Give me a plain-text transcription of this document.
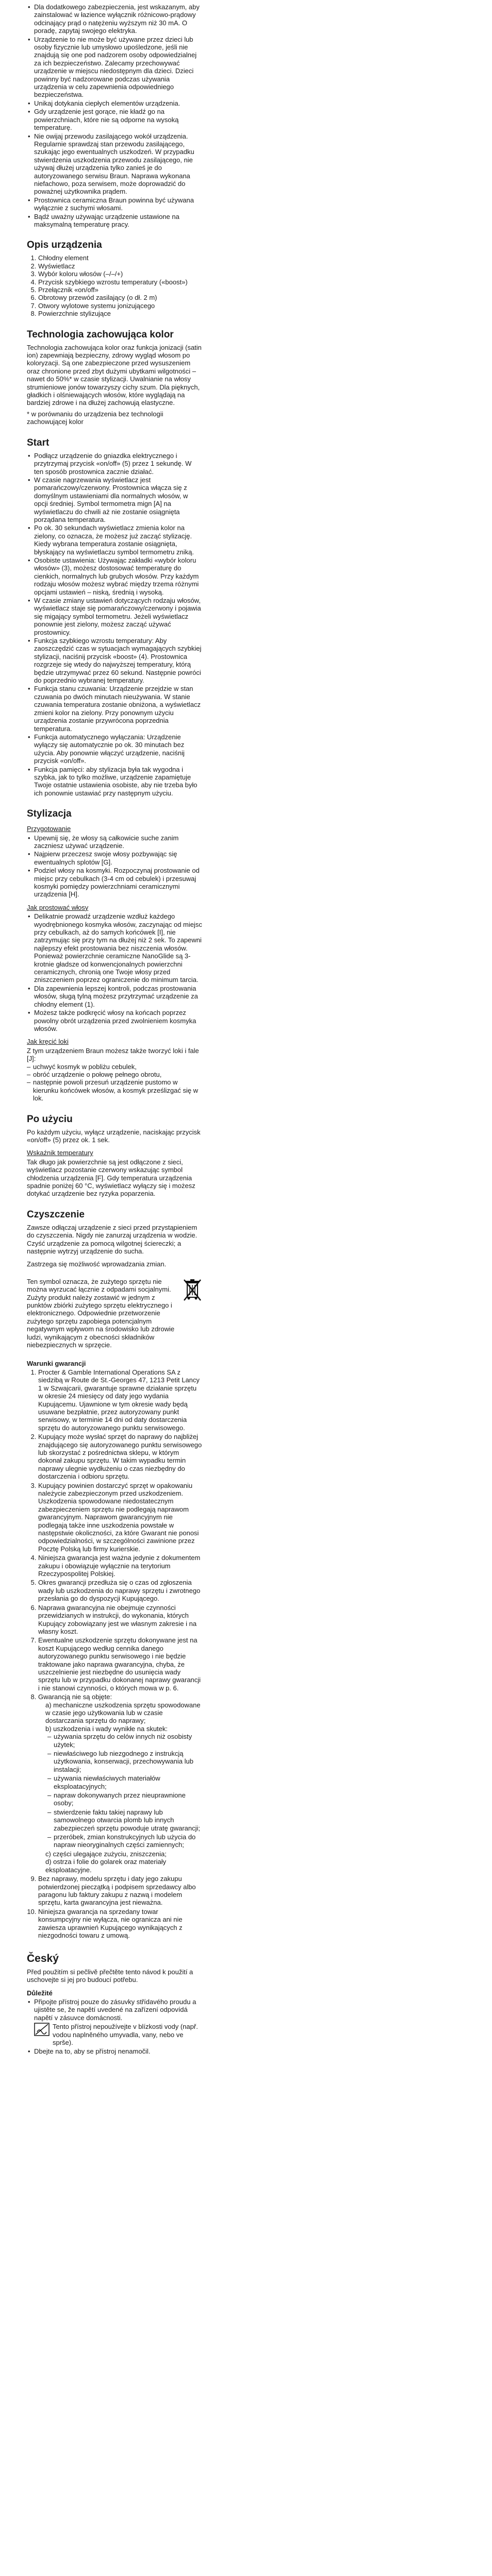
• Dla dodatkowego zabezpieczenia, jest wskazanym, aby zainstalować w łazience wyłącznik różnicowo-prądowy odcinający prąd o natężeniu wyższym niż 30 mA. O poradę, zapytaj swojego elektryka.
• Urządzenie to nie może być używane przez dzieci lub osoby fizycznie lub umysłowo upośledzone, jeśli nie znajdują się one pod nadzorem osoby odpowiedzialnej za ich bezpieczeństwo. Zalecamy przechowywać urządzenie w miejscu niedostępnym dla dzieci. Dzieci powinny być nadzorowane podczas używania urządzenia w celu zapewnienia odpowiedniego bezpieczeństwa.
• Unikaj dotykania ciepłych elementów urządzenia.
• Gdy urządzenie jest gorące, nie kładź go na powierzchniach, które nie są odporne na wysoką temperaturę.
• Nie owijaj przewodu zasilającego wokół urządzenia. Regularnie sprawdzaj stan przewodu zasilającego, szukając jego ewentualnych uszkodzeń. W przypadku stwierdzenia uszkodzenia przewodu zasilającego, nie używaj dłużej urządzenia tylko zanieś je do autoryzowanego serwisu Braun. Naprawa wykonana niefachowo, poza serwisem, może doprowadzić do poważnej użytkownika prądem.
• Prostownica ceramiczna Braun powinna być używana wyłącznie z suchymi włosami.
• Bądź uważny używając urządzenie ustawione na maksymalną temperaturę pracy.
Opis urządzenia
1. Chłodny element
2. Wyświetlacz
3. Wybór koloru włosów (–/–/+)
4. Przycisk szybkiego wzrostu temperatury («boost»)
5. Przełącznik «on/off»
6. Obrotowy przewód zasilający (o dł. 2 m)
7. Otwory wylotowe systemu jonizującego
8. Powierzchnie stylizujące
Technologia zachowująca kolor

Technologia zachowująca kolor oraz funkcja jonizacji (satin ion) zapewniają bezpieczny, zdrowy wygląd włosom po koloryzacji. Są one zabezpieczone przed wysuszeniem oraz chronione przed zbyt dużymi ubytkami wilgotności – nawet do 50%* w czasie stylizacji. Uwalnianie na włosy strumieniowe jonów towarzyszy cichy szum. Dla pięknych, gładkich i olśniewających włosów, które wyglądają na bardziej zdrowe i na dłużej zachowują elastyczne.

* w porównaniu do urządzenia bez technologii zachowującej kolor

Start
• Podłącz urządzenie do gniazdka elektrycznego i przytrzymaj przycisk «on/off» (5) przez 1 sekundę. W ten sposób prostownica zacznie działać.
• W czasie nagrzewania wyświetlacz jest pomarańczowy/czerwony. Prostownica włącza się z domyślnym ustawieniami dla normalnych włosów, w opcji średniej. Symbol termometra mign [A] na wyświetlaczu do chwili aż nie zostanie osiągnięta porządana temperatura.
• Po ok. 30 sekundach wyświetlacz zmienia kolor na zielony, co oznacza, że możesz już zacząć stylizację. Kiedy wybrana temperatura zostanie osiągnięta, błyskający na wyświetlaczu symbol termometru zniką.
• Osobiste ustawienia: Używając zakładki «wybór koloru włosów» (3), możesz dostosować temperaturę do cienkich, normalnych lub grubych włosów. Przy każdym rodzaju włosów możesz wybrać między trzema różnymi opcjami ustawień – niską, średnią i wysoką.
• W czasie zmiany ustawień dotyczących rodzaju włosów, wyświetlacz staje się pomarańczowy/czerwony i pojawia się migający symbol termometru. Jeżeli wyświetlacz ponownie jest zielony, możesz zacząć używać prostownicy.
• Funkcja szybkiego wzrostu temperatury: Aby zaoszczędzić czas w sytuacjach wymagających szybkiej stylizacji, naciśnij przycisk «boost» (4). Prostownica rozgrzeje się wtedy do najwyższej temperatury, którą będzie utrzymywać przez 60 sekund. Następnie powróci do poprzednio wybranej temperatury.
• Funkcja stanu czuwania: Urządzenie przejdzie w stan czuwania po dwóch minutach nieużywania. W stanie czuwania temperatura zostanie obniżona, a wyświetlacz zmieni kolor na zielony. Przy ponownym użyciu urządzenia zostanie przywrócona poprzednia temperatura.
• Funkcja automatycznego wyłączania: Urządzenie wyłączy się automatycznie po ok. 30 minutach bez użycia. Aby ponownie włączyć urządzenie, naciśnij przycisk «on/off».
• Funkcja pamięci: aby stylizacja była tak wygodna i szybka, jak to tylko możliwe, urządzenie zapamiętuje Twoje ostatnie ustawienia osobiste, aby nie trzeba było ich ponownie ustawiać przy następnym użyciu.
Stylizacja
Przygotowanie
• Upewnij się, że włosy są całkowicie suche zanim zaczniesz używać urządzenie.
• Najpierw przeczesz swoje włosy pozbywając się ewentualnych splotów [G].
• Podziel włosy na kosmyki. Rozpoczynaj prostowanie od miejsc przy cebulkach (3-4 cm od cebulek) i przesuwaj kosmyki pomiędzy powierzchniami ceramicznymi urządzenia [H].
Jak prostować włosy
• Delikatnie prowadź urządzenie wzdłuż każdego wyodrębnionego kosmyka włosów, zaczynając od miejsc przy cebulkach, aż do samych końcówek [I], nie zatrzymując się przy tym na dłużej niż 2 sek. To zapewni najlepszy efekt prostowania bez niszczenia włosów. Ponieważ powierzchnie ceramiczne NanoGlide są 3-krotnie gładsze od konwencjonalnych powierzchni ceramicznych, chronią one Twoje włosy przed zniszczeniem poprzez ograniczenie do minimum tarcia.
• Dla zapewnienia lepszej kontroli, podczas prostowania włosów, sługą tylną możesz przytrzymać urządzenie za chłodny element (1).
• Możesz także podkręcić włosy na końcach poprzez powolny obrót urządzenia przed zwolnieniem kosmyka włosów.
Jak kręcić loki

Z tym urządzeniem Braun możesz także tworzyć loki i fale [J]:

– uchwyć kosmyk w pobliżu cebulek,
– obróć urządzenie o połowę pełnego obrotu,
– następnie powoli przesuń urządzenie pustomo w kierunku końcówek włosów, a kosmyk prześlizgać się w lok.
Po użyciu

Po każdym użyciu, wyłącz urządzenie, naciskając przycisk «on/off» (5) przez ok. 1 sek.

Wskaźnik temperatury

Tak długo jak powierzchnie są jest odłączone z sieci, wyświetlacz pozostanie czerwony wskazując symbol chłodzenia urządzenia [F]. Gdy temperatura urządzenia spadnie poniżej 60 °C, wyświetlacz wyłączy się i możesz dotykać urządzenie bez ryzyka poparzenia.

Czyszczenie

Zawsze odłączaj urządzenie z sieci przed przystąpieniem do czyszczenia. Nigdy nie zanurzaj urządzenia w wodzie. Czyść urządzenie za pomocą wilgotnej ściereczki; a następnie wytrzyj urządzenie do sucha.

Zastrzega się możliwość wprowadzania zmian.

Ten symbol oznacza, że zużytego sprzętu nie można wyrzucać łącznie z odpadami socjalnymi. Zużyty produkt należy zostawić w jednym z punktów zbiórki zużytego sprzętu elektrycznego i elektronicznego. Odpowiednie przetworzenie zużytego sprzętu zapobiega potencjalnym negatywnym wpływom na środowisko lub zdrowie ludzi, wynikającym z obecności składników niebezpiecznych w sprzęcie.

Warunki gwarancji
1. Procter & Gamble International Operations SA z siedzibą w Route de St.-Georges 47, 1213 Petit Lancy 1 w Szwajcarii, gwarantuje sprawne działanie sprzętu w okresie 24 miesięcy od daty jego wydania Kupującemu. Ujawnione w tym okresie wady będą usuwane bezpłatnie, przez autoryzowany punkt serwisowy, w terminie 14 dni od daty dostarczenia sprzętu do autoryzowanego punktu serwisowego.
2. Kupujący może wysłać sprzęt do naprawy do najbliżej znajdującego się autoryzowanego punktu serwisowego lub skorzystać z pośrednictwa sklepu, w którym dokonał zakupu sprzętu. W takim wypadku termin naprawy ulegnie wydłużeniu o czas niezbędny do dostarczenia i odbioru sprzętu.
3. Kupujący powinien dostarczyć sprzęt w opakowaniu należycie zabezpieczonym przed uszkodzeniem. Uszkodzenia spowodowane niedostatecznym zabezpieczeniem sprzętu nie podlegają naprawom gwarancyjnym. Naprawom gwarancyjnym nie podlegają także inne uszkodzenia powstałe w następstwie okoliczności, za które Gwarant nie ponosi odpowiedzialności, w szczególności zawinione przez Pocztę Polską lub firmy kurierskie.
4. Niniejsza gwarancja jest ważna jedynie z dokumentem zakupu i obowiązuje wyłącznie na terytorium Rzeczypospolitej Polskiej.
5. Okres gwarancji przedłuża się o czas od zgłoszenia wady lub uszkodzenia do naprawy sprzętu i zwrotnego przesłania go do dyspozycji Kupującego.
6. Naprawa gwarancyjna nie obejmuje czynności przewidzianych w instrukcji, do wykonania, których Kupujący zobowiązany jest we własnym zakresie i na własny koszt.
7. Ewentualne uszkodzenie sprzętu dokonywane jest na koszt Kupującego według cennika danego autoryzowanego punktu serwisowego i nie będzie traktowane jako naprawa gwarancyjna, chyba, że uszczelnienie jest niezbędne do usunięcia wady sprzętu lub w przypadku dokonanej naprawy gwarancji i nie stanowi czynności, o których mowa w p. 6.
8. Gwarancją nie są objęte:
a) mechaniczne uszkodzenia sprzętu spowodowane w czasie jego użytkowania lub w czasie dostarczania sprzętu do naprawy;
b) uszkodzenia i wady wynikłe na skutek:
– używania sprzętu do celów innych niż osobisty użytek;
– niewłaściwego lub niezgodnego z instrukcją użytkowania, konserwacji, przechowywania lub instalacji;
– używania niewłaściwych materiałów eksploatacyjnych;
– napraw dokonywanych przez nieuprawnione osoby;
– stwierdzenie faktu takiej naprawy lub samowolnego otwarcia plomb lub innych zabezpieczeń sprzętu powoduje utratę gwarancji;
– przeróbek, zmian konstrukcyjnych lub użycia do napraw nieoryginalnych części zamiennych;
c) części ulegające zużyciu, zniszczenia;
d) ostrza i folie do golarek oraz materiały eksploatacyjne.
9. Bez naprawy, modelu sprzętu i daty jego zakupu potwierdzonej pieczątką i podpisem sprzedawcy albo paragonu lub faktury zakupu z nazwą i modelem sprzętu, karta gwarancyjna jest nieważna.
10. Niniejsza gwarancja na sprzedany towar konsumpcyjny nie wyłącza, nie ogranicza ani nie zawiesza uprawnień Kupującego wynikających z niezgodności towaru z umową.
Český

Před použitím si pečlivě přečtěte tento návod k použití a uschovejte si jej pro budoucí potřebu.

Důležité
• Připojte přístroj pouze do zásuvky střídavého proudu a ujistěte se, že napětí uvedené na zařízení odpovídá napětí v zásuvce domácnosti.
Tento přístroj nepoužívejte v blízkosti vody (např. vodou naplněného umyvadla, vany, nebo ve sprše).
• Dbejte na to, aby se přístroj nenamočil.
